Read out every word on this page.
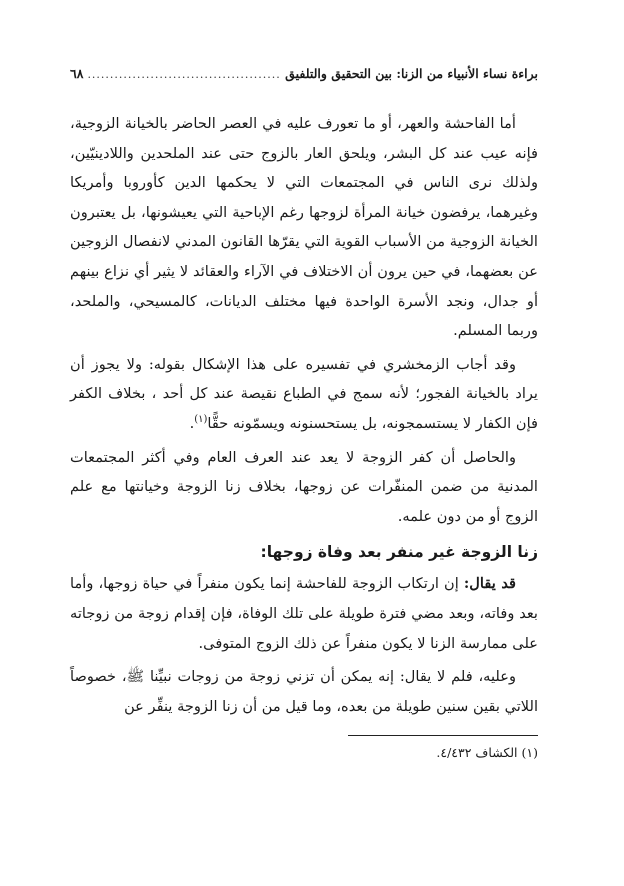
براءة نساء الأنبياء من الزنا: بين التحقيق والتلفيق
...........................................
٦٨

أما الفاحشة والعهر، أو ما تعورف عليه في العصر الحاضر بالخيانة الزوجية، فإنه عيب عند كل البشر، ويلحق العار بالزوج حتى عند الملحدين واللادينيّين، ولذلك نرى الناس في المجتمعات التي لا يحكمها الدين كأوروبا وأمريكا وغيرهما، يرفضون خيانة المرأة لزوجها رغم الإباحية التي يعيشونها، بل يعتبرون الخيانة الزوجية من الأسباب القوية التي يقرّها القانون المدني لانفصال الزوجين عن بعضهما، في حين يرون أن الاختلاف في الآراء والعقائد لا يثير أي نزاع بينهم أو جدال، ونجد الأسرة الواحدة فيها مختلف الديانات، كالمسيحي، والملحد، وربما المسلم.

وقد أجاب الزمخشري في تفسيره على هذا الإشكال بقوله: ولا يجوز أن يراد بالخيانة الفجور؛ لأنه سمج في الطباع نقيصة عند كل أحد ، بخلاف الكفر فإن الكفار لا يستسمجونه، بل يستحسنونه ويسمّونه حقًّا$^{(١)}$.

والحاصل أن كفر الزوجة لا يعد عند العرف العام وفي أكثر المجتمعات المدنية من ضمن المنفّرات عن زوجها، بخلاف زنا الزوجة وخيانتها مع علم الزوج أو من دون علمه.

زنا الزوجة غير منفر بعد وفاة زوجها:

قد يقال: إن ارتكاب الزوجة للفاحشة إنما يكون منفراً في حياة زوجها، وأما بعد وفاته، وبعد مضي فترة طويلة على تلك الوفاة، فإن إقدام زوجة من زوجاته على ممارسة الزنا لا يكون منفراً عن ذلك الزوج المتوفى.

وعليه، فلم لا يقال: إنه يمكن أن تزني زوجة من زوجات نبيِّنا ﷺ، خصوصاً اللاتي بقين سنين طويلة من بعده، وما قيل من أن زنا الزوجة ينفِّر عن

(١) الكشاف ٤/٤٣٢.
